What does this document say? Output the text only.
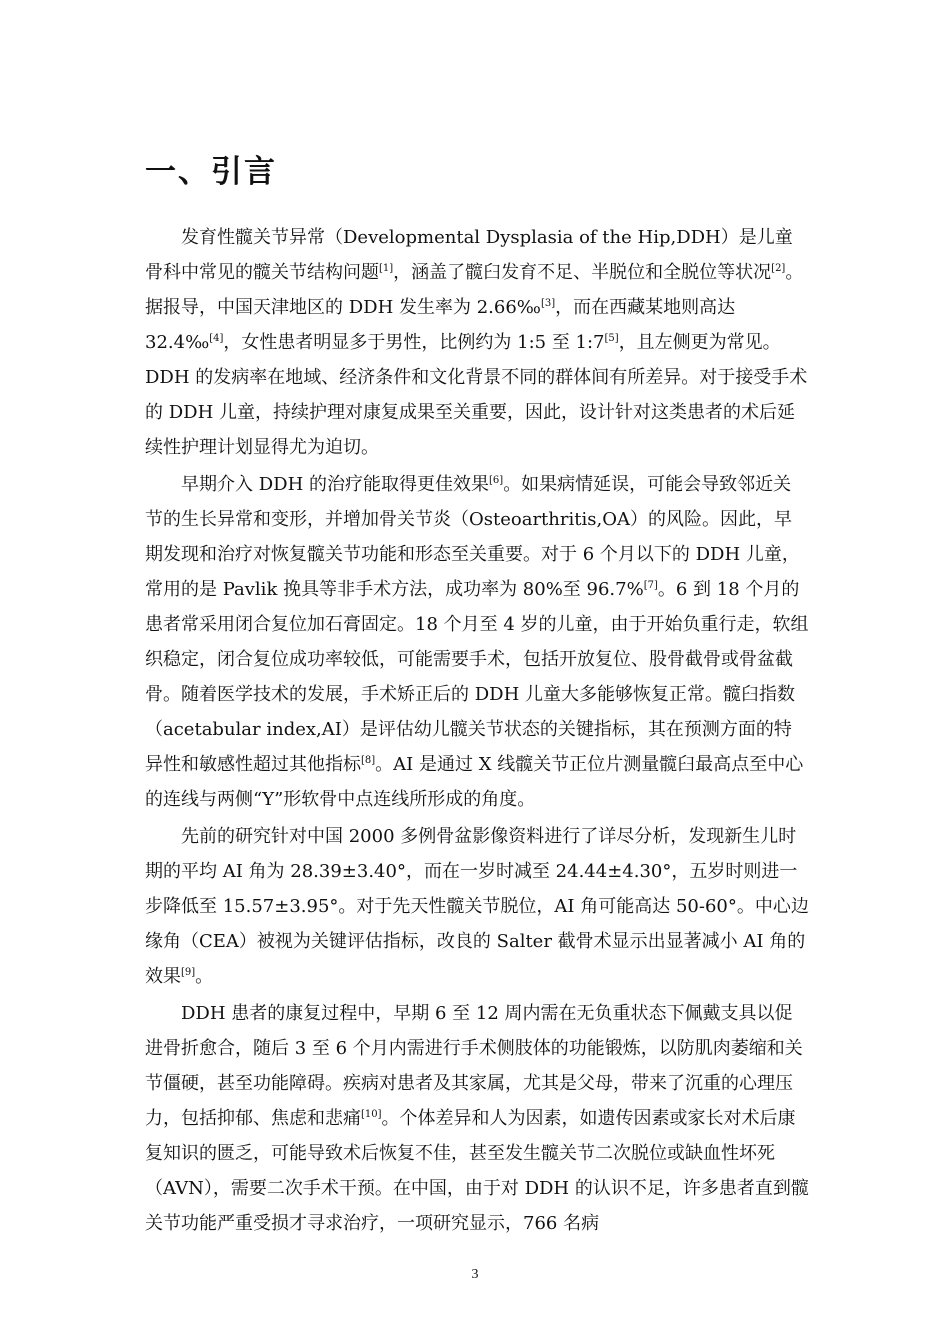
一、引言

发育性髋关节异常（Developmental Dysplasia of the Hip,DDH）是儿童骨科中常见的髋关节结构问题[1]，涵盖了髋臼发育不足、半脱位和全脱位等状况[2]。据报导，中国天津地区的 DDH 发生率为 2.66‰[3]，而在西藏某地则高达 32.4‰[4]，女性患者明显多于男性，比例约为 1:5 至 1:7[5]，且左侧更为常见。DDH 的发病率在地域、经济条件和文化背景不同的群体间有所差异。对于接受手术的 DDH 儿童，持续护理对康复成果至关重要，因此，设计针对这类患者的术后延续性护理计划显得尤为迫切。

早期介入 DDH 的治疗能取得更佳效果[6]。如果病情延误，可能会导致邻近关节的生长异常和变形，并增加骨关节炎（Osteoarthritis,OA）的风险。因此，早期发现和治疗对恢复髋关节功能和形态至关重要。对于 6 个月以下的 DDH 儿童，常用的是 Pavlik 挽具等非手术方法，成功率为 80%至 96.7%[7]。6 到 18 个月的患者常采用闭合复位加石膏固定。18 个月至 4 岁的儿童，由于开始负重行走，软组织稳定，闭合复位成功率较低，可能需要手术，包括开放复位、股骨截骨或骨盆截骨。随着医学技术的发展，手术矫正后的 DDH 儿童大多能够恢复正常。髋臼指数（acetabular index,AI）是评估幼儿髋关节状态的关键指标，其在预测方面的特异性和敏感性超过其他指标[8]。AI 是通过 X 线髋关节正位片测量髋臼最高点至中心的连线与两侧“Y”形软骨中点连线所形成的角度。

先前的研究针对中国 2000 多例骨盆影像资料进行了详尽分析，发现新生儿时期的平均 AI 角为 28.39±3.40°，而在一岁时减至 24.44±4.30°，五岁时则进一步降低至 15.57±3.95°。对于先天性髋关节脱位，AI 角可能高达 50-60°。中心边缘角（CEA）被视为关键评估指标，改良的 Salter 截骨术显示出显著减小 AI 角的效果[9]。

DDH 患者的康复过程中，早期 6 至 12 周内需在无负重状态下佩戴支具以促进骨折愈合，随后 3 至 6 个月内需进行手术侧肢体的功能锻炼，以防肌肉萎缩和关节僵硬，甚至功能障碍。疾病对患者及其家属，尤其是父母，带来了沉重的心理压力，包括抑郁、焦虑和悲痛[10]。个体差异和人为因素，如遗传因素或家长对术后康复知识的匮乏，可能导致术后恢复不佳，甚至发生髋关节二次脱位或缺血性坏死（AVN），需要二次手术干预。在中国，由于对 DDH 的认识不足，许多患者直到髋关节功能严重受损才寻求治疗，一项研究显示，766 名病

3
